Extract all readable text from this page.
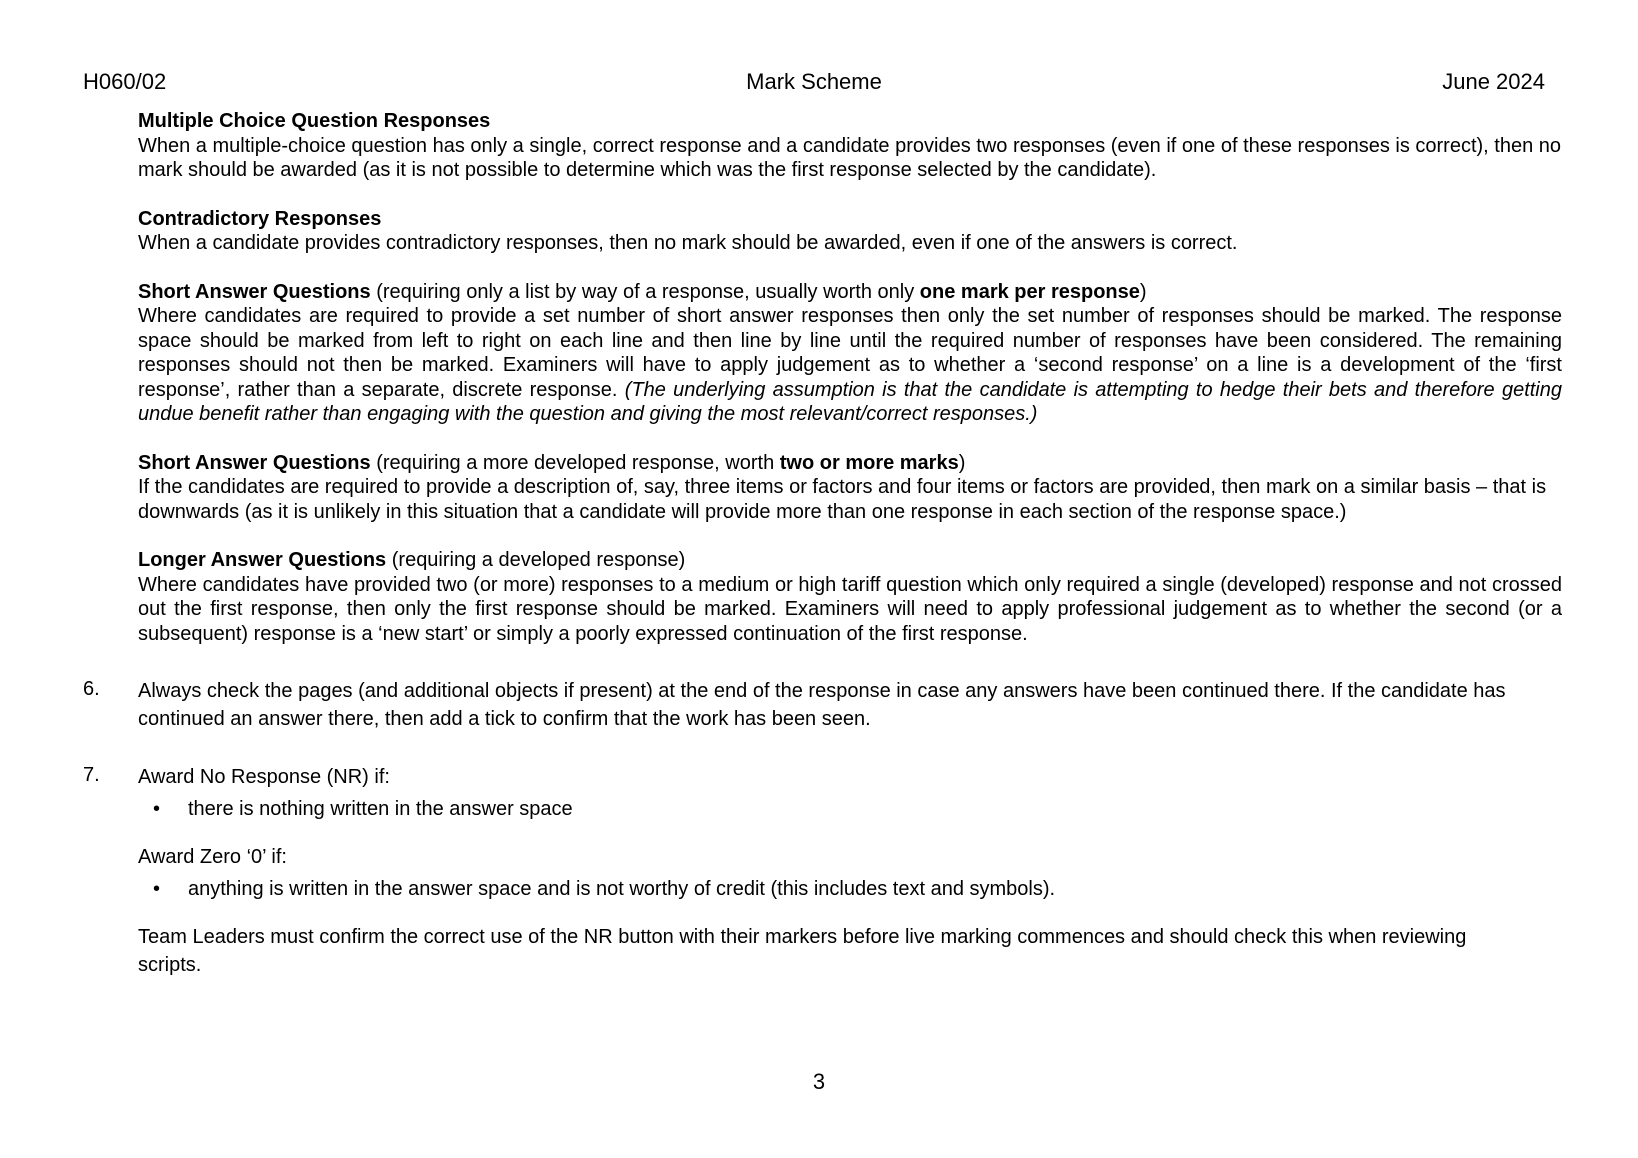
H060/02	Mark Scheme	June 2024

Multiple Choice Question Responses

When a multiple-choice question has only a single, correct response and a candidate provides two responses (even if one of these responses is correct), then no mark should be awarded (as it is not possible to determine which was the first response selected by the candidate).

Contradictory Responses

When a candidate provides contradictory responses, then no mark should be awarded, even if one of the answers is correct.

Short Answer Questions (requiring only a list by way of a response, usually worth only one mark per response)

Where candidates are required to provide a set number of short answer responses then only the set number of responses should be marked. The response space should be marked from left to right on each line and then line by line until the required number of responses have been considered. The remaining responses should not then be marked. Examiners will have to apply judgement as to whether a ‘second response’ on a line is a development of the ‘first response’, rather than a separate, discrete response. (The underlying assumption is that the candidate is attempting to hedge their bets and therefore getting undue benefit rather than engaging with the question and giving the most relevant/correct responses.)

Short Answer Questions (requiring a more developed response, worth two or more marks)

If the candidates are required to provide a description of, say, three items or factors and four items or factors are provided, then mark on a similar basis – that is downwards (as it is unlikely in this situation that a candidate will provide more than one response in each section of the response space.)

Longer Answer Questions (requiring a developed response)

Where candidates have provided two (or more) responses to a medium or high tariff question which only required a single (developed) response and not crossed out the first response, then only the first response should be marked. Examiners will need to apply professional judgement as to whether the second (or a subsequent) response is a ‘new start’ or simply a poorly expressed continuation of the first response.

6. Always check the pages (and additional objects if present) at the end of the response in case any answers have been continued there. If the candidate has continued an answer there, then add a tick to confirm that the work has been seen.
7. Award No Response (NR) if:
• there is nothing written in the answer space
Award Zero ‘0’ if:
• anything is written in the answer space and is not worthy of credit (this includes text and symbols).
Team Leaders must confirm the correct use of the NR button with their markers before live marking commences and should check this when reviewing scripts.
3
